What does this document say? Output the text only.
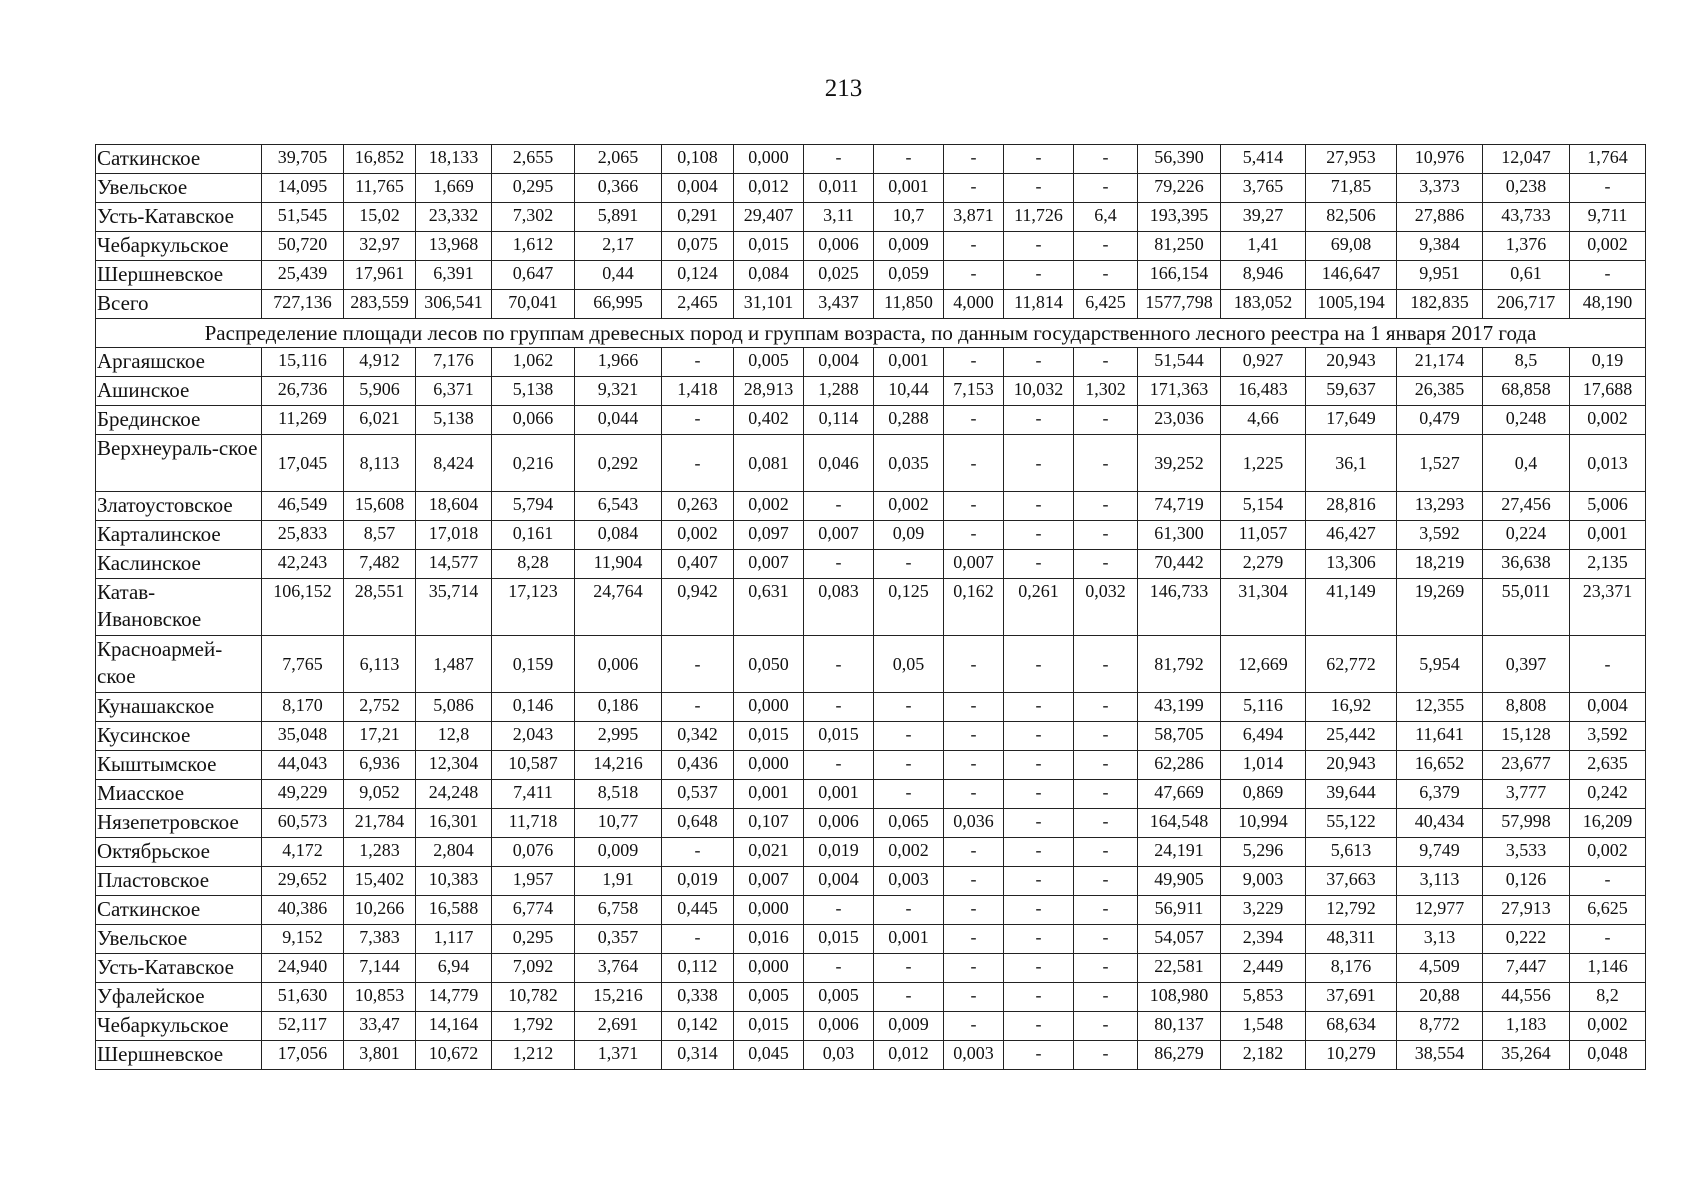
213
Саткинское	39,705	16,852	18,133	2,655	2,065	0,108	0,000	-	-	-	-	-	56,390	5,414	27,953	10,976	12,047	1,764
Увельское	14,095	11,765	1,669	0,295	0,366	0,004	0,012	0,011	0,001	-	-	-	79,226	3,765	71,85	3,373	0,238	-
Усть-Катавское	51,545	15,02	23,332	7,302	5,891	0,291	29,407	3,11	10,7	3,871	11,726	6,4	193,395	39,27	82,506	27,886	43,733	9,711
Чебаркульское	50,720	32,97	13,968	1,612	2,17	0,075	0,015	0,006	0,009	-	-	-	81,250	1,41	69,08	9,384	1,376	0,002
Шершневское	25,439	17,961	6,391	0,647	0,44	0,124	0,084	0,025	0,059	-	-	-	166,154	8,946	146,647	9,951	0,61	-
Всего	727,136	283,559	306,541	70,041	66,995	2,465	31,101	3,437	11,850	4,000	11,814	6,425	1577,798	183,052	1005,194	182,835	206,717	48,190
Распределение площади лесов по группам древесных пород и группам возраста, по данным государственного лесного реестра на 1 января 2017 года																		
Аргаяшское	15,116	4,912	7,176	1,062	1,966	-	0,005	0,004	0,001	-	-	-	51,544	0,927	20,943	21,174	8,5	0,19
Ашинское	26,736	5,906	6,371	5,138	9,321	1,418	28,913	1,288	10,44	7,153	10,032	1,302	171,363	16,483	59,637	26,385	68,858	17,688
Брединское	11,269	6,021	5,138	0,066	0,044	-	0,402	0,114	0,288	-	-	-	23,036	4,66	17,649	0,479	0,248	0,002
Верхнеураль-ское	17,045	8,113	8,424	0,216	0,292	-	0,081	0,046	0,035	-	-	-	39,252	1,225	36,1	1,527	0,4	0,013
Златоустовское	46,549	15,608	18,604	5,794	6,543	0,263	0,002	-	0,002	-	-	-	74,719	5,154	28,816	13,293	27,456	5,006
Карталинское	25,833	8,57	17,018	0,161	0,084	0,002	0,097	0,007	0,09	-	-	-	61,300	11,057	46,427	3,592	0,224	0,001
Каслинское	42,243	7,482	14,577	8,28	11,904	0,407	0,007	-	-	0,007	-	-	70,442	2,279	13,306	18,219	36,638	2,135
Катав-Ивановское	106,152	28,551	35,714	17,123	24,764	0,942	0,631	0,083	0,125	0,162	0,261	0,032	146,733	31,304	41,149	19,269	55,011	23,371
Красноармей-ское	7,765	6,113	1,487	0,159	0,006	-	0,050	-	0,05	-	-	-	81,792	12,669	62,772	5,954	0,397	-
Кунашакское	8,170	2,752	5,086	0,146	0,186	-	0,000	-	-	-	-	-	43,199	5,116	16,92	12,355	8,808	0,004
Кусинское	35,048	17,21	12,8	2,043	2,995	0,342	0,015	0,015	-	-	-	-	58,705	6,494	25,442	11,641	15,128	3,592
Кыштымское	44,043	6,936	12,304	10,587	14,216	0,436	0,000	-	-	-	-	-	62,286	1,014	20,943	16,652	23,677	2,635
Миасское	49,229	9,052	24,248	7,411	8,518	0,537	0,001	0,001	-	-	-	-	47,669	0,869	39,644	6,379	3,777	0,242
Нязепетровское	60,573	21,784	16,301	11,718	10,77	0,648	0,107	0,006	0,065	0,036	-	-	164,548	10,994	55,122	40,434	57,998	16,209
Октябрьское	4,172	1,283	2,804	0,076	0,009	-	0,021	0,019	0,002	-	-	-	24,191	5,296	5,613	9,749	3,533	0,002
Пластовское	29,652	15,402	10,383	1,957	1,91	0,019	0,007	0,004	0,003	-	-	-	49,905	9,003	37,663	3,113	0,126	-
Саткинское	40,386	10,266	16,588	6,774	6,758	0,445	0,000	-	-	-	-	-	56,911	3,229	12,792	12,977	27,913	6,625
Увельское	9,152	7,383	1,117	0,295	0,357	-	0,016	0,015	0,001	-	-	-	54,057	2,394	48,311	3,13	0,222	-
Усть-Катавское	24,940	7,144	6,94	7,092	3,764	0,112	0,000	-	-	-	-	-	22,581	2,449	8,176	4,509	7,447	1,146
Уфалейское	51,630	10,853	14,779	10,782	15,216	0,338	0,005	0,005	-	-	-	-	108,980	5,853	37,691	20,88	44,556	8,2
Чебаркульское	52,117	33,47	14,164	1,792	2,691	0,142	0,015	0,006	0,009	-	-	-	80,137	1,548	68,634	8,772	1,183	0,002
Шершневское	17,056	3,801	10,672	1,212	1,371	0,314	0,045	0,03	0,012	0,003	-	-	86,279	2,182	10,279	38,554	35,264	0,048
